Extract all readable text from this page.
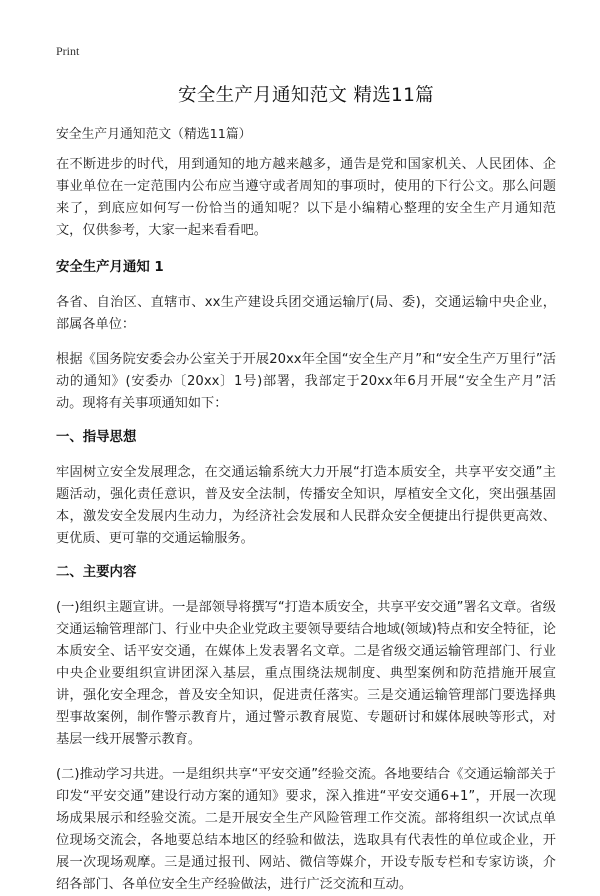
Print
安全生产月通知范文 精选11篇
安全生产月通知范文（精选11篇）

在不断进步的时代，用到通知的地方越来越多，通告是党和国家机关、人民团体、企事业单位在一定范围内公布应当遵守或者周知的事项时，使用的下行公文。那么问题来了，到底应如何写一份恰当的通知呢？以下是小编精心整理的安全生产月通知范文，仅供参考，大家一起来看看吧。

安全生产月通知 1

各省、自治区、直辖市、xx生产建设兵团交通运输厅(局、委)，交通运输中央企业，部属各单位：

根据《国务院安委会办公室关于开展20xx年全国“安全生产月”和“安全生产万里行”活动的通知》(安委办〔20xx〕1号)部署，我部定于20xx年6月开展“安全生产月”活动。现将有关事项通知如下：

一、指导思想

牢固树立安全发展理念，在交通运输系统大力开展“打造本质安全，共享平安交通”主题活动，强化责任意识，普及安全法制，传播安全知识，厚植安全文化，突出强基固本，激发安全发展内生动力，为经济社会发展和人民群众安全便捷出行提供更高效、更优质、更可靠的交通运输服务。

二、主要内容

(一)组织主题宣讲。一是部领导将撰写“打造本质安全，共享平安交通”署名文章。省级交通运输管理部门、行业中央企业党政主要领导要结合地域(领域)特点和安全特征，论本质安全、话平安交通，在媒体上发表署名文章。二是省级交通运输管理部门、行业中央企业要组织宣讲团深入基层，重点围绕法规制度、典型案例和防范措施开展宣讲，强化安全理念，普及安全知识，促进责任落实。三是交通运输管理部门要选择典型事故案例，制作警示教育片，通过警示教育展览、专题研讨和媒体展映等形式，对基层一线开展警示教育。

(二)推动学习共进。一是组织共享“平安交通”经验交流。各地要结合《交通运输部关于印发“平安交通”建设行动方案的通知》要求，深入推进“平安交通6+1”，开展一次现场成果展示和经验交流。二是开展安全生产风险管理工作交流。部将组织一次试点单位现场交流会，各地要总结本地区的经验和做法，选取具有代表性的单位或企业，开展一次现场观摩。三是通过报刊、网站、微信等媒介，开设专版专栏和专家访谈，介绍各部门、各单位安全生产经验做法，进行广泛交流和互动。
